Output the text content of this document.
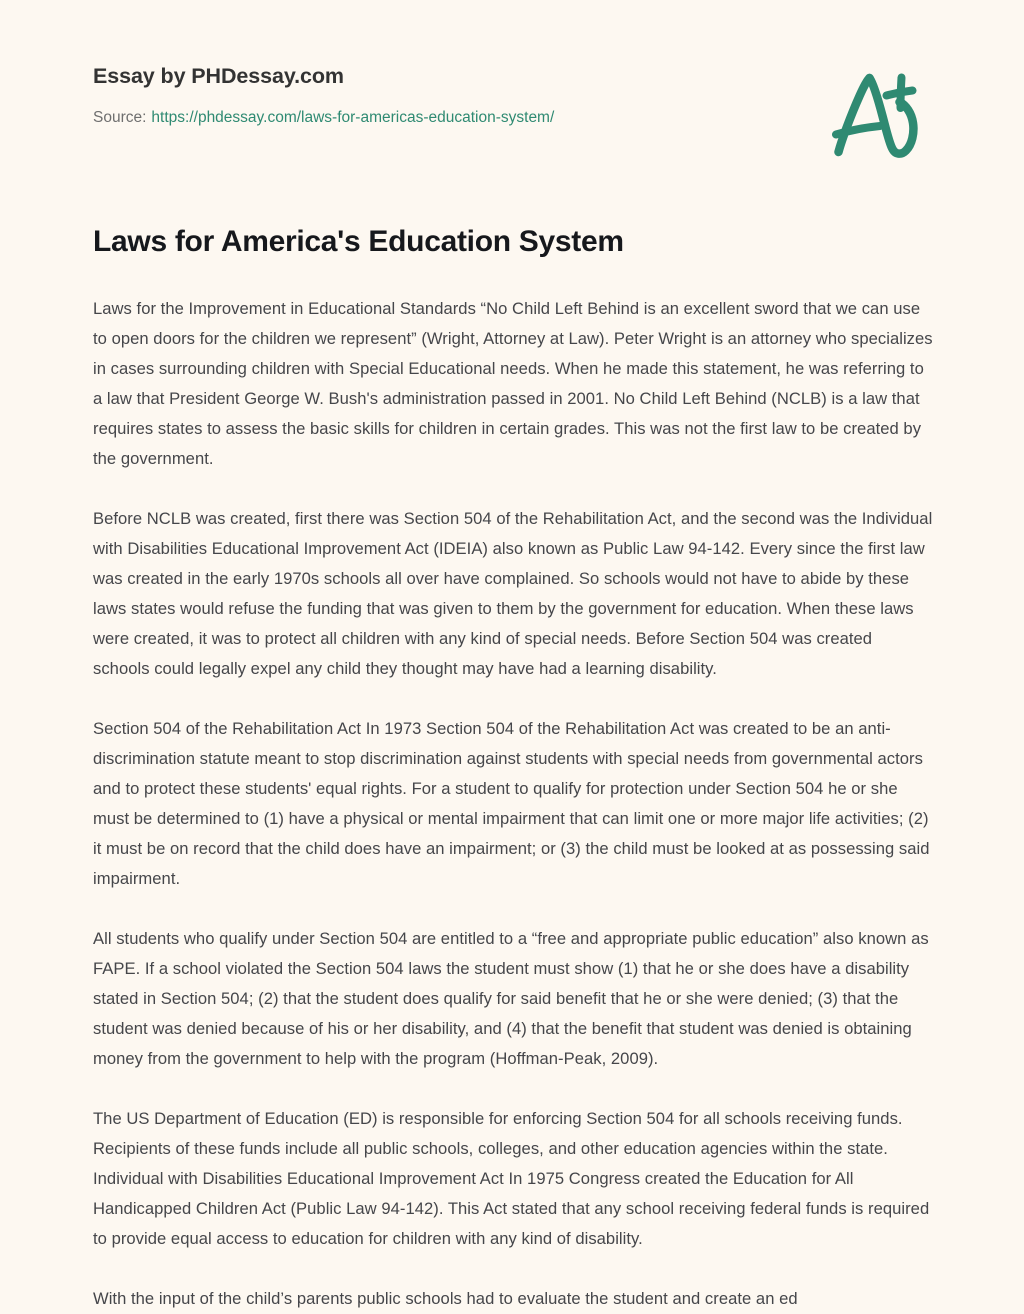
Essay by PHDessay.com
Source: https://phdessay.com/laws-for-americas-education-system/
Laws for America's Education System

Laws for the Improvement in Educational Standards “No Child Left Behind is an excellent sword that we can use to open doors for the children we represent” (Wright, Attorney at Law). Peter Wright is an attorney who specializes in cases surrounding children with Special Educational needs. When he made this statement, he was referring to a law that President George W. Bush's administration passed in 2001. No Child Left Behind (NCLB) is a law that requires states to assess the basic skills for children in certain grades. This was not the first law to be created by the government.

Before NCLB was created, first there was Section 504 of the Rehabilitation Act, and the second was the Individual with Disabilities Educational Improvement Act (IDEIA) also known as Public Law 94-142. Every since the first law was created in the early 1970s schools all over have complained. So schools would not have to abide by these laws states would refuse the funding that was given to them by the government for education. When these laws were created, it was to protect all children with any kind of special needs. Before Section 504 was created schools could legally expel any child they thought may have had a learning disability.

Section 504 of the Rehabilitation Act In 1973 Section 504 of the Rehabilitation Act was created to be an anti-discrimination statute meant to stop discrimination against students with special needs from governmental actors and to protect these students' equal rights. For a student to qualify for protection under Section 504 he or she must be determined to (1) have a physical or mental impairment that can limit one or more major life activities; (2) it must be on record that the child does have an impairment; or (3) the child must be looked at as possessing said impairment.

All students who qualify under Section 504 are entitled to a “free and appropriate public education” also known as FAPE. If a school violated the Section 504 laws the student must show (1) that he or she does have a disability stated in Section 504; (2) that the student does qualify for said benefit that he or she were denied; (3) that the student was denied because of his or her disability, and (4) that the benefit that student was denied is obtaining money from the government to help with the program (Hoffman-Peak, 2009).

The US Department of Education (ED) is responsible for enforcing Section 504 for all schools receiving funds. Recipients of these funds include all public schools, colleges, and other education agencies within the state. Individual with Disabilities Educational Improvement Act In 1975 Congress created the Education for All Handicapped Children Act (Public Law 94-142). This Act stated that any school receiving federal funds is required to provide equal access to education for children with any kind of disability.

With the input of the child’s parents public schools had to evaluate the student and create an ed
